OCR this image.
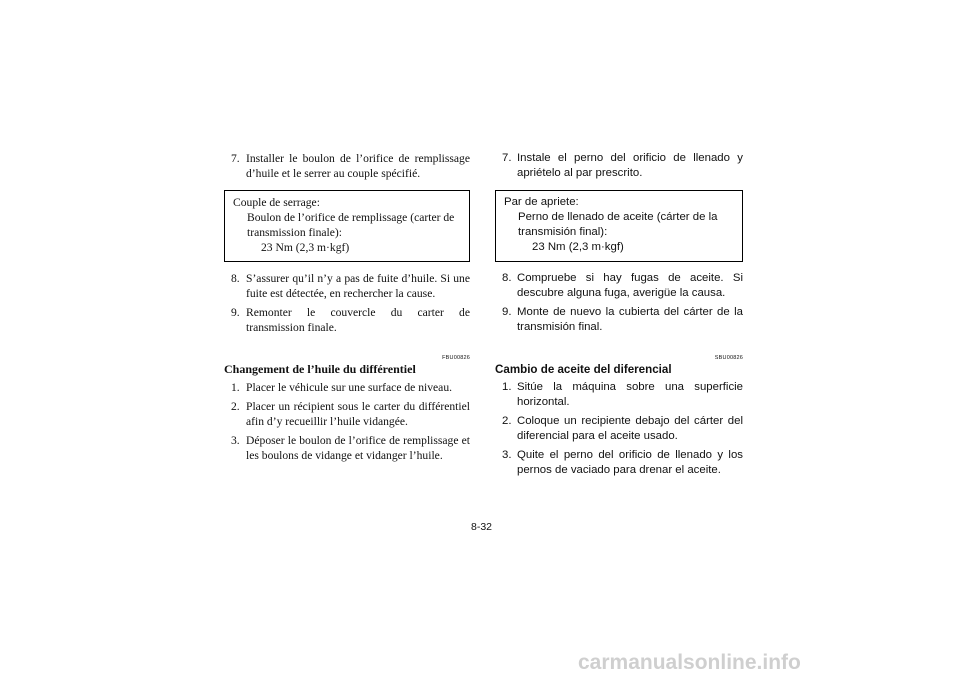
7. Installer le boulon de l’orifice de remplissage d’huile et le serrer au couple spécifié.
Couple de serrage:
Boulon de l’orifice de remplissage (carter de transmission finale):
23 Nm (2,3 m·kgf)
8. S’assurer qu’il n’y a pas de fuite d’huile. Si une fuite est détectée, en rechercher la cause.
9. Remonter le couvercle du carter de transmission finale.
FBU00826
Changement de l’huile du différentiel
1. Placer le véhicule sur une surface de niveau.
2. Placer un récipient sous le carter du différentiel afin d’y recueillir l’huile vidangée.
3. Déposer le boulon de l’orifice de remplissage et les boulons de vidange et vidanger l’huile.
7. Instale el perno del orificio de llenado y apriételo al par prescrito.
Par de apriete:
Perno de llenado de aceite (cárter de la transmisión final):
23 Nm (2,3 m·kgf)
8. Compruebe si hay fugas de aceite. Si descubre alguna fuga, averigüe la causa.
9. Monte de nuevo la cubierta del cárter de la transmisión final.
SBU00826
Cambio de aceite del diferencial
1. Sitúe la máquina sobre una superficie horizontal.
2. Coloque un recipiente debajo del cárter del diferencial para el aceite usado.
3. Quite el perno del orificio de llenado y los pernos de vaciado para drenar el aceite.
8-32
carmanualsonline.info
